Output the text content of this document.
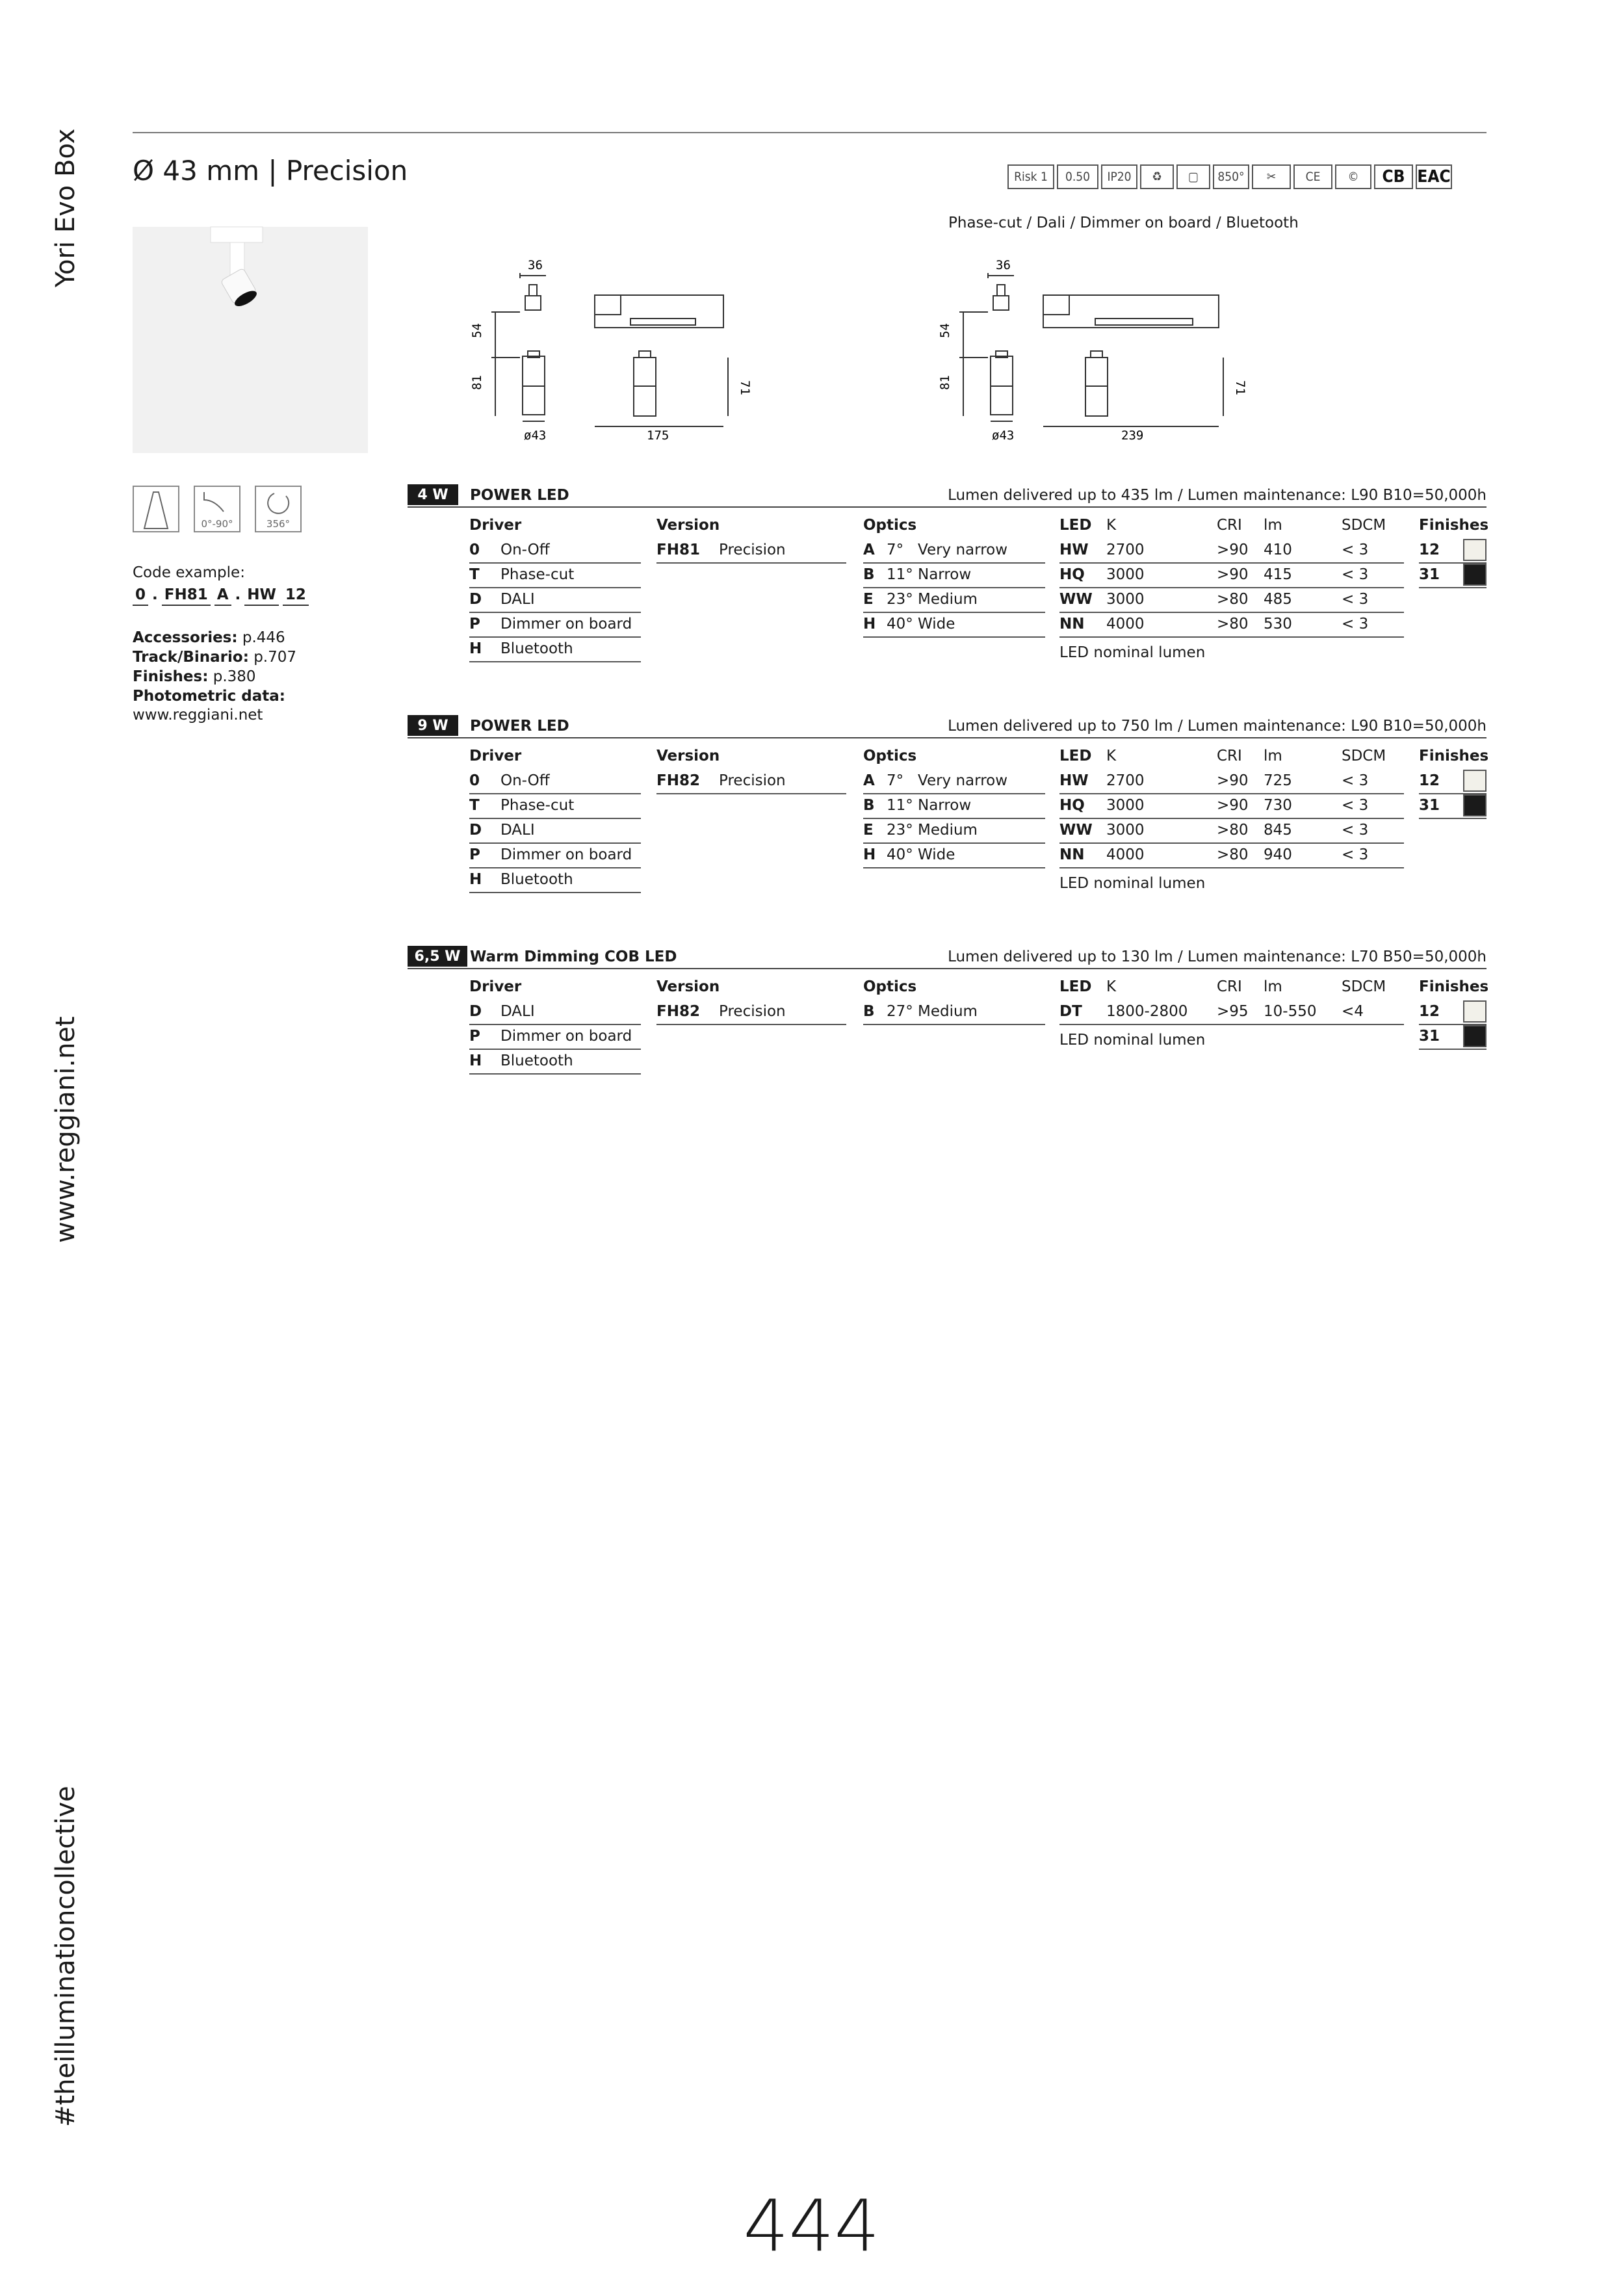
Yori Evo Box
www.reggiani.net
#theilluminationcollective
Ø 43 mm | Precision	Risk 1	0.50	IP20	♻	▢	850°	✂	CE	©	CB EAC
Phase-cut / Dali / Dimmer on board / Bluetooth
36
54
81	71
ø43	175
36
54
81	71
ø43	239
0°-90°	356°
Code example:
0 . FH81 A . HW 12
Accessories: p.446
Track/Binario: p.707
Finishes: p.380
Photometric data:
www.reggiani.net
4 W	POWER LED	Lumen delivered up to 435 lm / Lumen maintenance: L90 B10=50,000h
Driver
0 On-Off
T Phase-cut
D DALI
P Dimmer on board
H Bluetooth
Version
FH81 Precision
Optics
A 7° Very narrow
B 11° Narrow
E 23° Medium
H 40° Wide
LED K	CRI lm	SDCM
HW 2700	>90 410	< 3
HQ 3000	>90 415	< 3
WW 3000	>80 485	< 3
NN 4000	>80 530	< 3
LED nominal lumen
Finishes
12
31
9 W	POWER LED	Lumen delivered up to 750 lm / Lumen maintenance: L90 B10=50,000h
Driver
0 On-Off
T Phase-cut
D DALI
P Dimmer on board
H Bluetooth
Version
FH82 Precision
Optics
A 7° Very narrow
B 11° Narrow
E 23° Medium
H 40° Wide
LED K	CRI lm	SDCM
HW 2700	>90 725	< 3
HQ 3000	>90 730	< 3
WW 3000	>80 845	< 3
NN 4000	>80 940	< 3
LED nominal lumen
Finishes
12
31
6,5 W Warm Dimming COB LED	Lumen delivered up to 130 lm / Lumen maintenance: L70 B50=50,000h
Driver
D DALI
P Dimmer on board
H Bluetooth
Version
FH82 Precision
Optics
B 27° Medium
LED K	CRI lm	SDCM
DT 1800-2800 >95 10-550 <4
LED nominal lumen
Finishes
12
31
444
